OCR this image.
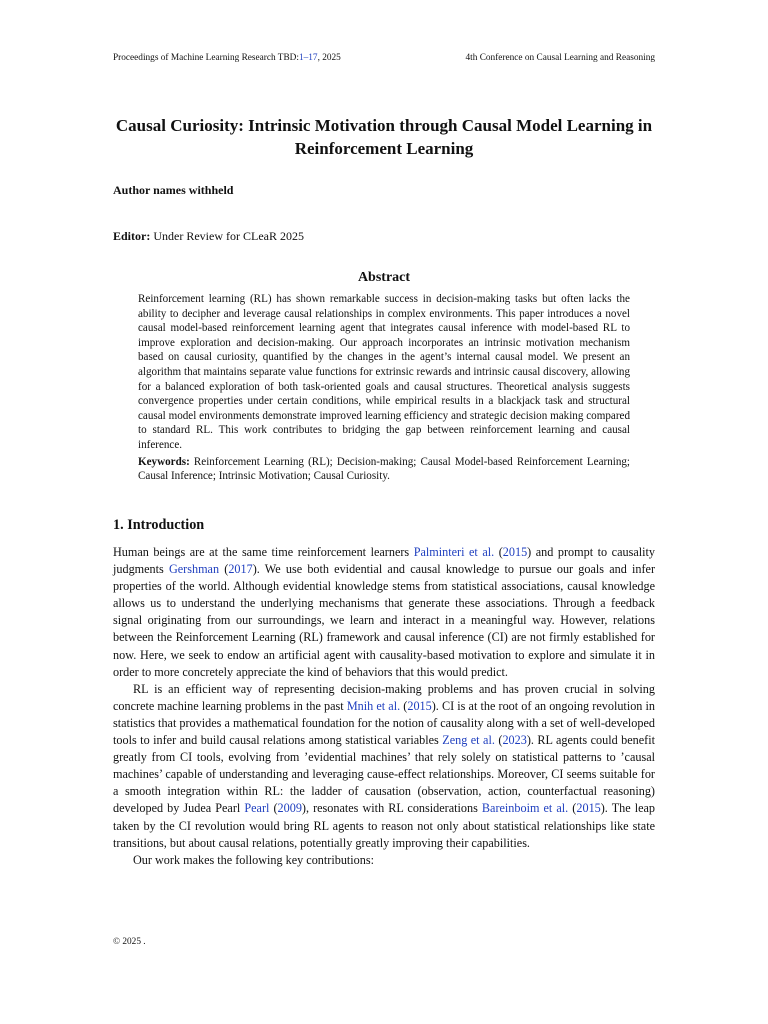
Proceedings of Machine Learning Research TBD:1–17, 2025	4th Conference on Causal Learning and Reasoning
Causal Curiosity: Intrinsic Motivation through Causal Model Learning in Reinforcement Learning
Author names withheld
Editor: Under Review for CLeaR 2025
Abstract

Reinforcement learning (RL) has shown remarkable success in decision-making tasks but often lacks the ability to decipher and leverage causal relationships in complex environments. This paper introduces a novel causal model-based reinforcement learning agent that integrates causal inference with model-based RL to improve exploration and decision-making. Our approach incorporates an intrinsic motivation mechanism based on causal curiosity, quantified by the changes in the agent’s internal causal model. We present an algorithm that maintains separate value functions for extrinsic rewards and intrinsic causal discovery, allowing for a balanced exploration of both task-oriented goals and causal structures. Theoretical analysis suggests convergence properties under certain conditions, while empirical results in a blackjack task and structural causal model environments demonstrate improved learning efficiency and strategic decision making compared to standard RL. This work contributes to bridging the gap between reinforcement learning and causal inference.

Keywords: Reinforcement Learning (RL); Decision-making; Causal Model-based Reinforcement Learning; Causal Inference; Intrinsic Motivation; Causal Curiosity.

1. Introduction

Human beings are at the same time reinforcement learners Palminteri et al. (2015) and prompt to causality judgments Gershman (2017). We use both evidential and causal knowledge to pursue our goals and infer properties of the world. Although evidential knowledge stems from statistical associations, causal knowledge allows us to understand the underlying mechanisms that generate these associations. Through a feedback signal originating from our surroundings, we learn and interact in a meaningful way. However, relations between the Reinforcement Learning (RL) framework and causal inference (CI) are not firmly established for now. Here, we seek to endow an artificial agent with causality-based motivation to explore and simulate it in order to more concretely appreciate the kind of behaviors that this would predict.

RL is an efficient way of representing decision-making problems and has proven crucial in solving concrete machine learning problems in the past Mnih et al. (2015). CI is at the root of an ongoing revolution in statistics that provides a mathematical foundation for the notion of causality along with a set of well-developed tools to infer and build causal relations among statistical variables Zeng et al. (2023). RL agents could benefit greatly from CI tools, evolving from ’evidential machines’ that rely solely on statistical patterns to ’causal machines’ capable of understanding and leveraging cause-effect relationships. Moreover, CI seems suitable for a smooth integration within RL: the ladder of causation (observation, action, counterfactual reasoning) developed by Judea Pearl Pearl (2009), resonates with RL considerations Bareinboim et al. (2015). The leap taken by the CI revolution would bring RL agents to reason not only about statistical relationships like state transitions, but about causal relations, potentially greatly improving their capabilities.

Our work makes the following key contributions:

© 2025 .
